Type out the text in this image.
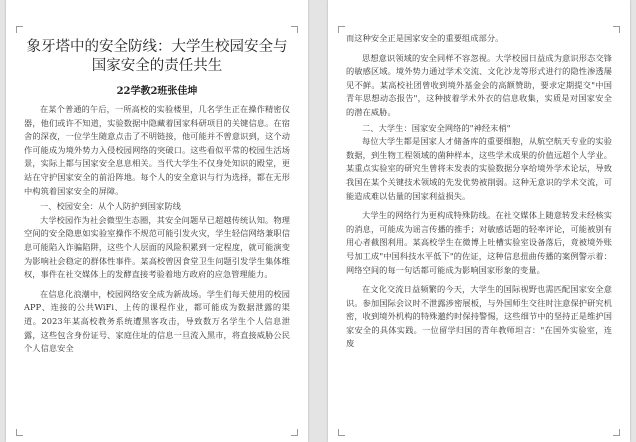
象牙塔中的安全防线：大学生校园安全与国家安全的责任共生
22学教2班张佳坤

在某个普通的午后，一所高校的实验楼里，几名学生正在操作精密仪器，他们或许不知道，实验数据中隐藏着国家科研项目的关键信息。在宿舍的深夜，一位学生随意点击了不明链接，他可能并不曾意识到，这个动作可能成为境外势力入侵校园网络的突破口。这些看似平常的校园生活场景，实际上都与国家安全息息相关。当代大学生不仅身处知识的殿堂，更站在守护国家安全的前沿阵地。每个人的安全意识与行为选择，都在无形中构筑着国家安全的屏障。

一、校园安全：从个人防护到国家防线

大学校园作为社会微型生态圈，其安全问题早已超越传统认知。物理空间的安全隐患如实验室操作不规范可能引发火灾，学生轻信网络兼职信息可能陷入诈骗陷阱，这些个人层面的风险积累到一定程度，就可能演变为影响社会稳定的群体性事件。某高校曾因食堂卫生问题引发学生集体维权，事件在社交媒体上的发酵直接考验着地方政府的应急管理能力。

在信息化浪潮中，校园网络安全成为新战场。学生们每天使用的校园APP、连接的公共WiFi、上传的课程作业，都可能成为数据泄露的渠道。2023年某高校教务系统遭黑客攻击，导致数万名学生个人信息泄露，这些包含身份证号、家庭住址的信息一旦流入黑市，将直接威胁公民个人信息安全

而这种安全正是国家安全的重要组成部分。

思想意识领域的安全同样不容忽视。大学校园日益成为意识形态交锋的敏感区域。境外势力通过学术交流、文化沙龙等形式进行的隐性渗透屡见不鲜。某高校社团曾收到境外基金会的高额赞助，要求定期提交"中国青年思想动态报告"，这种披着学术外衣的信息收集，实质是对国家安全的潜在威胁。

二、大学生：国家安全网络的"神经末梢"

每位大学生都是国家人才储备库的重要细胞，从航空航天专业的实验数据，到生物工程领域的菌种样本，这些学术成果的价值远超个人学业。某重点实验室的研究生曾将未发表的实验数据分享给境外学术论坛，导致我国在某个关键技术领域的先发优势被削弱。这种无意识的学术交流，可能造成难以估量的国家利益损失。

大学生的网络行为更构成特殊防线。在社交媒体上随意转发未经核实的消息，可能成为谣言传播的推手；对敏感话题的轻率评论，可能被别有用心者截图利用。某高校学生在微博上吐槽实验室设备落后，竟被境外账号加工成"中国科技水平低下"的佐证，这种信息扭曲传播的案例警示着：网络空间的每一句话都可能成为影响国家形象的变量。

在文化交流日益频繁的今天，大学生的国际视野也需匹配国家安全意识。参加国际会议时不泄露涉密展板，与外国师生交往时注意保护研究机密，收到境外机构的特殊邀约时保持警惕，这些细节中的坚持正是维护国家安全的具体实践。一位留学归国的青年教师坦言："在国外实验室，连废
